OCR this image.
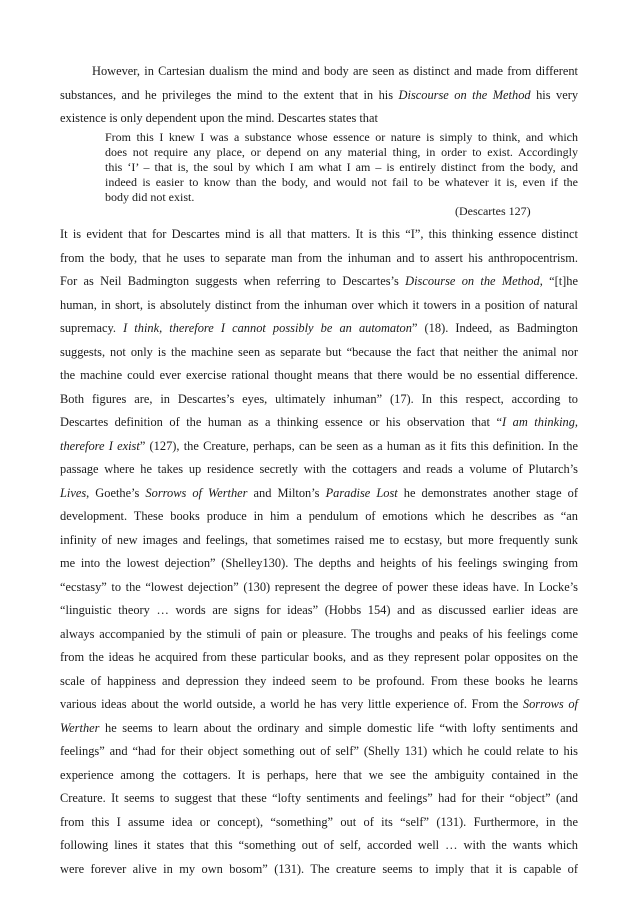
However, in Cartesian dualism the mind and body are seen as distinct and made from different
substances, and he privileges the mind to the extent that in his Discourse on the Method his very
existence is only dependent upon the mind. Descartes states that
From this I knew I was a substance whose essence or nature is simply to think, and which
does not require any place, or depend on any material thing, in order to exist. Accordingly
this ‘I’ – that is, the soul by which I am what I am – is entirely distinct from the body, and
indeed is easier to know than the body, and would not fail to be whatever it is, even if the
body did not exist.
(Descartes 127)
It is evident that for Descartes mind is all that matters. It is this “I”, this thinking essence distinct
from the body, that he uses to separate man from the inhuman and to assert his anthropocentrism.
For as Neil Badmington suggests when referring to Descartes’s Discourse on the Method, “[t]he
human, in short, is absolutely distinct from the inhuman over which it towers in a position of natural
supremacy. I think, therefore I cannot possibly be an automaton” (18). Indeed, as Badmington
suggests, not only is the machine seen as separate but “because the fact that neither the animal nor
the machine could ever exercise rational thought means that there would be no essential difference.
Both figures are, in Descartes’s eyes, ultimately inhuman” (17). In this respect, according to
Descartes definition of the human as a thinking essence or his observation that “I am thinking,
therefore I exist” (127), the Creature, perhaps, can be seen as a human as it fits this definition. In the
passage where he takes up residence secretly with the cottagers and reads a volume of Plutarch’s
Lives, Goethe’s Sorrows of Werther and Milton’s Paradise Lost he demonstrates another stage of
development. These books produce in him a pendulum of emotions which he describes as “an
infinity of new images and feelings, that sometimes raised me to ecstasy, but more frequently sunk
me into the lowest dejection” (Shelley130). The depths and heights of his feelings swinging from
“ecstasy” to the “lowest dejection” (130) represent the degree of power these ideas have. In Locke’s
“linguistic theory … words are signs for ideas” (Hobbs 154) and as discussed earlier ideas are
always accompanied by the stimuli of pain or pleasure. The troughs and peaks of his feelings come
from the ideas he acquired from these particular books, and as they represent polar opposites on the
scale of happiness and depression they indeed seem to be profound. From these books he learns
various ideas about the world outside, a world he has very little experience of. From the Sorrows of
Werther he seems to learn about the ordinary and simple domestic life “with lofty sentiments and
feelings” and “had for their object something out of self” (Shelly 131) which he could relate to his
experience among the cottagers. It is perhaps, here that we see the ambiguity contained in the
Creature. It seems to suggest that these “lofty sentiments and feelings” had for their “object” (and
from this I assume idea or concept), “something” out of its “self” (131). Furthermore, in the
following lines it states that this “something out of self, accorded well … with the wants which
were forever alive in my own bosom” (131). The creature seems to imply that it is capable of
